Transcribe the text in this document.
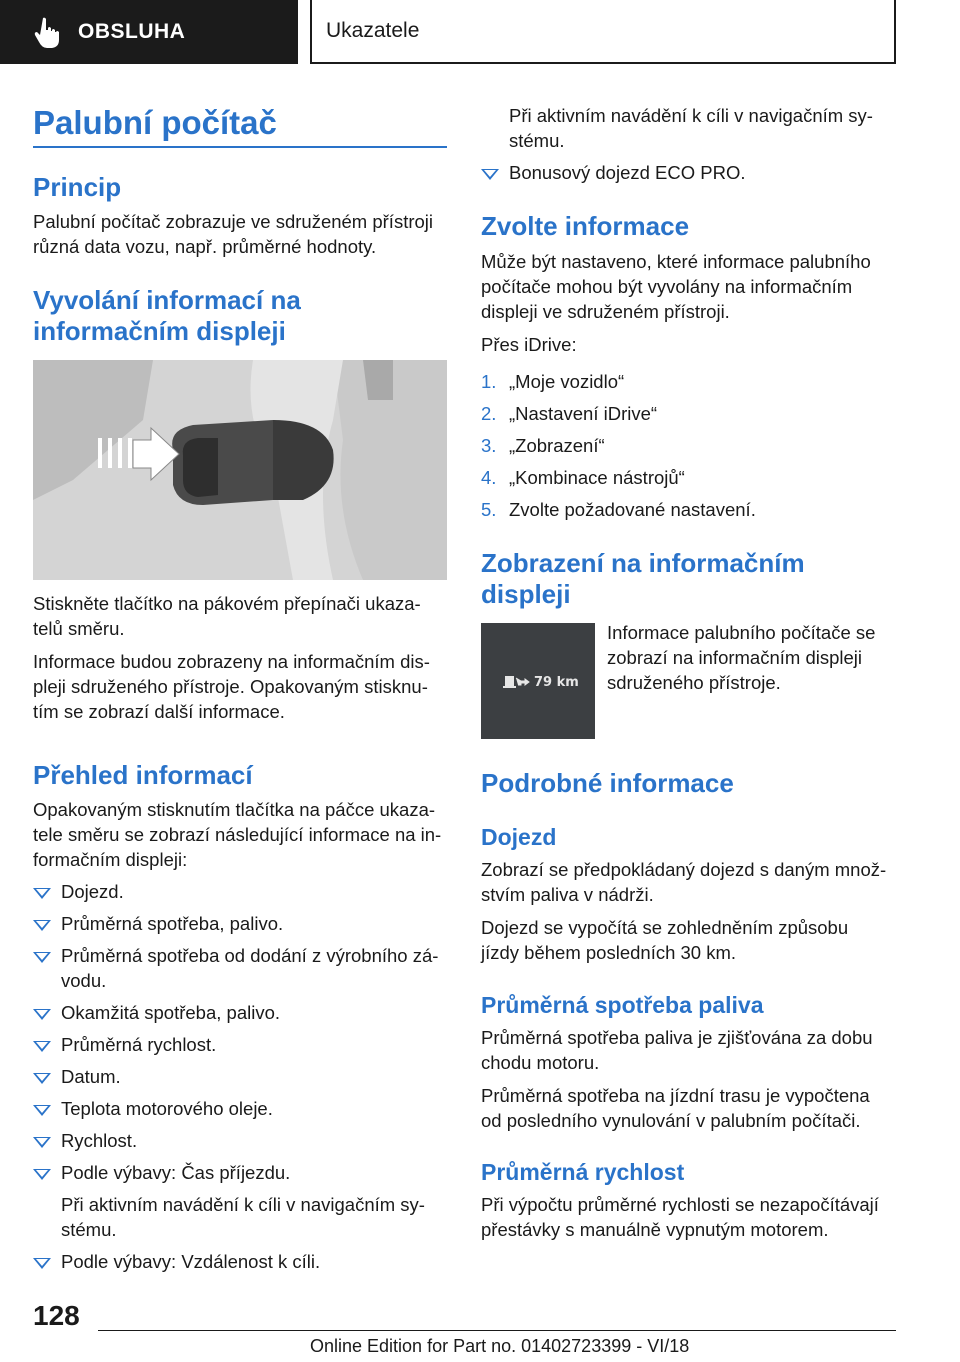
OBSLUHA	Ukazatele
Palubní počítač
Princip
Palubní počítač zobrazuje ve sdruženém přístroji
různá data vozu, např. průměrné hodnoty.
Vyvolání informací na
informačním displeji
Stiskněte tlačítko na pákovém přepínači ukaza-
telů směru.
Informace budou zobrazeny na informačním dis-
pleji sdruženého přístroje. Opakovaným stisknu-
tím se zobrazí další informace.
Přehled informací
Opakovaným stisknutím tlačítka na páčce ukaza-
tele směru se zobrazí následující informace na in-
formačním displeji:
Dojezd.
Průměrná spotřeba, palivo.
Průměrná spotřeba od dodání z výrobního zá-
vodu.
Okamžitá spotřeba, palivo.
Průměrná rychlost.
Datum.
Teplota motorového oleje.
Rychlost.
Podle výbavy: Čas příjezdu.
Při aktivním navádění k cíli v navigačním sy-
stému.
Podle výbavy: Vzdálenost k cíli.
Při aktivním navádění k cíli v navigačním sy-
stému.
Bonusový dojezd ECO PRO.
Zvolte informace
Může být nastaveno, které informace palubního
počítače mohou být vyvolány na informačním
displeji ve sdruženém přístroji.
Přes iDrive:
1. „Moje vozidlo“
2. „Nastavení iDrive“
3. „Zobrazení“
4. „Kombinace nástrojů“
5. Zvolte požadované nastavení.
Zobrazení na informačním
displeji
79 km
Informace palubního počítače se
zobrazí na informačním displeji
sdruženého přístroje.
Podrobné informace
Dojezd
Zobrazí se předpokládaný dojezd s daným množ-
stvím paliva v nádrži.
Dojezd se vypočítá se zohledněním způsobu
jízdy během posledních 30 km.
Průměrná spotřeba paliva
Průměrná spotřeba paliva je zjišťována za dobu
chodu motoru.
Průměrná spotřeba na jízdní trasu je vypočtena
od posledního vynulování v palubním počítači.
Průměrná rychlost
Při výpočtu průměrné rychlosti se nezapočítávají
přestávky s manuálně vypnutým motorem.
128
Online Edition for Part no. 01402723399 - VI/18
